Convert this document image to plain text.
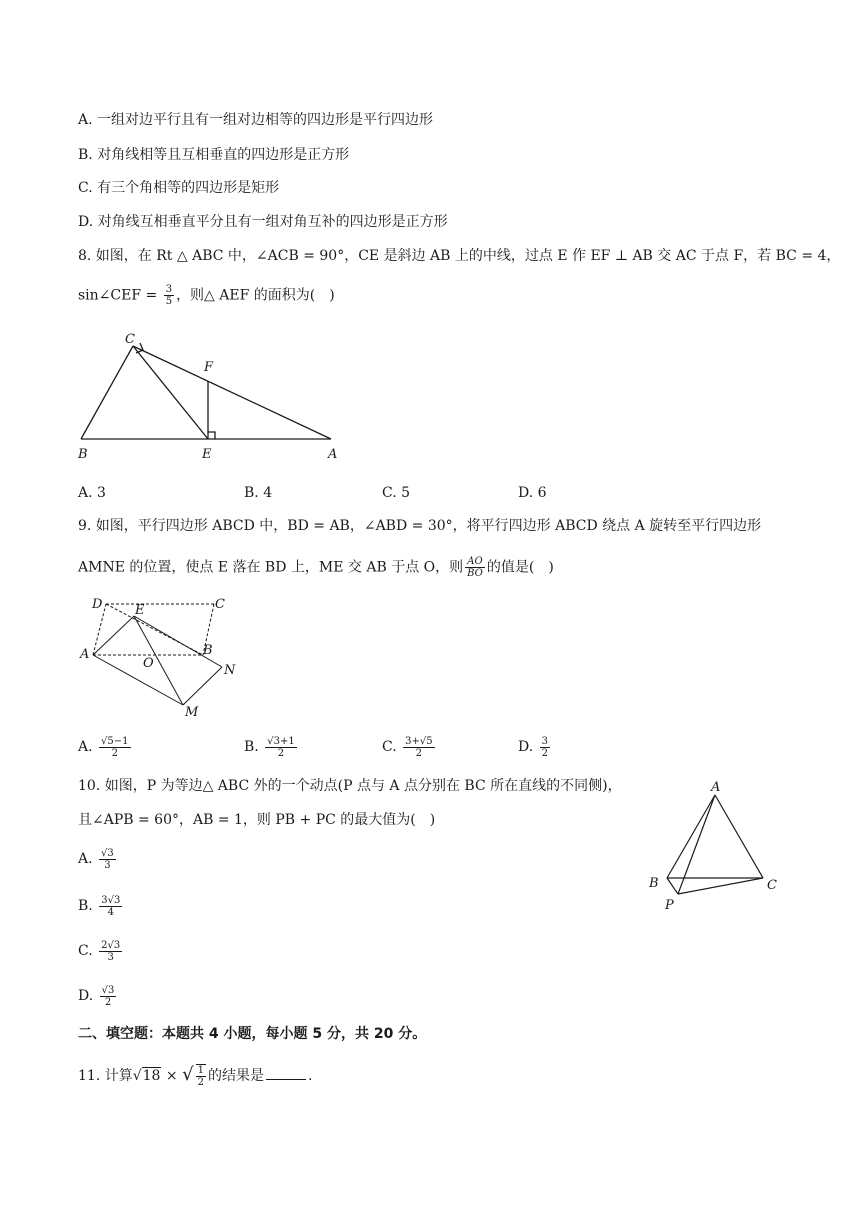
A. 一组对边平行且有一组对边相等的四边形是平行四边形
B. 对角线相等且互相垂直的四边形是正方形
C. 有三个角相等的四边形是矩形
D. 对角线互相垂直平分且有一组对角互补的四边形是正方形
8. 如图，在 Rt △ ABC 中，∠ACB = 90°，CE 是斜边 AB 上的中线，过点 E 作 EF ⊥ AB 交 AC 于点 F，若 BC = 4，
sin∠CEF = $\frac{3}{5}$ ，则△ AEF 的面积为(　)
C
F
B	E	A
A. 3	B. 4	C. 5	D. 6
9. 如图，平行四边形 ABCD 中，BD = AB，∠ABD = 30°，将平行四边形 ABCD 绕点 A 旋转至平行四边形
AMNE 的位置，使点 E 落在 BD 上，ME 交 AB 于点 O，则 $\frac{AO}{BO}$ 的值是(　)
D	E	C
A
O
B
N
M
A. $\frac{√5-1}{2}$	B. $\frac{√3+1}{2}$	C. $\frac{3+√5}{2}$	D. $\frac{3}{2}$
10. 如图，P 为等边△ ABC 外的一个动点(P 点与 A 点分别在 BC 所在直线的不同侧)，
且∠APB = 60°，AB = 1，则 PB + PC 的最大值为(　)
A. $\frac{√3}{3}$
B. $\frac{3√3}{4}$
C. $\frac{2√3}{3}$
D. $\frac{√3}{2}$
A
B	C
P
二、填空题：本题共 4 小题，每小题 5 分，共 20 分。
11. 计算√18 × √ $\frac{1}{2}$ 的结果是	.
